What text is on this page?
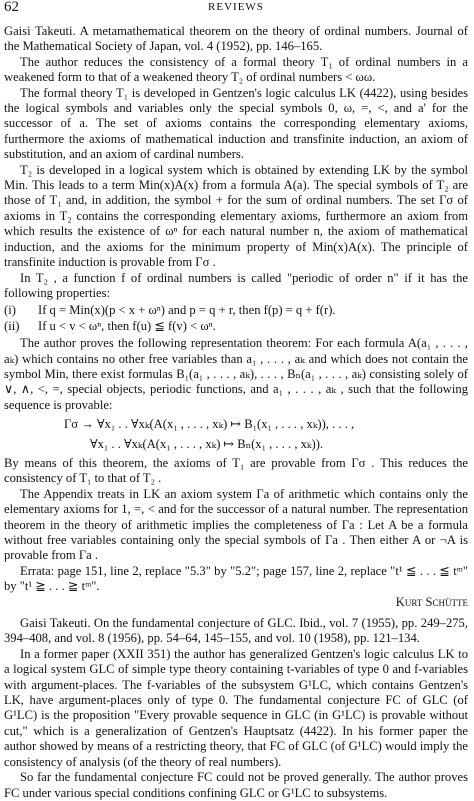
62	REVIEWS

Gaisi Takeuti. A metamathematical theorem on the theory of ordinal numbers. Journal of the Mathematical Society of Japan, vol. 4 (1952), pp. 146–165.

The author reduces the consistency of a formal theory T₁ of ordinal numbers in a weakened form to that of a weakened theory T₂ of ordinal numbers < ωω.

The formal theory T₁ is developed in Gentzen's logic calculus LK (4422), using besides the logical symbols and variables only the special symbols 0, ω, =, <, and a' for the successor of a. The set of axioms contains the corresponding elementary axioms, furthermore the axioms of mathematical induction and transfinite induction, an axiom of substitution, and an axiom of cardinal numbers.

T₂ is developed in a logical system which is obtained by extending LK by the symbol Min. This leads to a term Min(x)A(x) from a formula A(a). The special symbols of T₂ are those of T₁ and, in addition, the symbol + for the sum of ordinal numbers. The set Γσ of axioms in T₂ contains the corresponding elementary axioms, furthermore an axiom from which results the existence of ωⁿ for each natural number n, the axiom of mathematical induction, and the axioms for the minimum property of Min(x)A(x). The principle of transfinite induction is provable from Γσ .

In T₂ , a function f of ordinal numbers is called "periodic of order n" if it has the following properties:

(i)	If q = Min(x)(p < x + ωⁿ) and p = q + r, then f(p) = q + f(r).
(ii)	If u < v < ωⁿ, then f(u) ≦ f(v) < ωⁿ.

The author proves the following representation theorem: For each formula A(a₁ , . . . , aₖ) which contains no other free variables than a₁ , . . . , aₖ and which does not contain the symbol Min, there exist formulas B₁(a₁ , . . . , aₖ), . . . , Bₙ(a₁ , . . . , aₖ) consisting solely of ∨, ∧, <, =, special objects, periodic functions, and a₁ , . . . , aₖ , such that the following sequence is provable:

Γσ → ∀x₁ . . ∀xₖ(A(x₁ , . . . , xₖ) ↦ B₁(x₁ , . . . , xₖ)), . . . ,
∀x₁ . . ∀xₖ(A(x₁ , . . . , xₖ) ↦ Bₙ(x₁ , . . . , xₖ)).

By means of this theorem, the axioms of T₁ are provable from Γσ . This reduces the consistency of T₁ to that of T₂ .

The Appendix treats in LK an axiom system Γa of arithmetic which contains only the elementary axioms for 1, =, < and for the successor of a natural number. The representation theorem in the theory of arithmetic implies the completeness of Γa : Let A be a formula without free variables containing only the special symbols of Γa . Then either A or ¬A is provable from Γa .

Errata: page 151, line 2, replace "5.3" by "5.2"; page 157, line 2, replace "t¹ ≦ . . . ≦ tᵐ" by "t¹ ≧ . . . ≧ tᵐ".

Kurt Schütte

Gaisi Takeuti. On the fundamental conjecture of GLC. Ibid., vol. 7 (1955), pp. 249–275, 394–408, and vol. 8 (1956), pp. 54–64, 145–155, and vol. 10 (1958), pp. 121–134.

In a former paper (XXII 351) the author has generalized Gentzen's logic calculus LK to a logical system GLC of simple type theory containing t-variables of type 0 and f-variables with argument-places. The f-variables of the subsystem G¹LC, which contains Gentzen's LK, have argument-places only of type 0. The fundamental conjecture FC of GLC (of G¹LC) is the proposition "Every provable sequence in GLC (in G¹LC) is provable without cut," which is a generalization of Gentzen's Hauptsatz (4422). In his former paper the author showed by means of a restricting theory, that FC of GLC (of G¹LC) would imply the consistency of analysis (of the theory of real numbers).

So far the fundamental conjecture FC could not be proved generally. The author proves FC under various special conditions confining GLC or G¹LC to subsystems.
